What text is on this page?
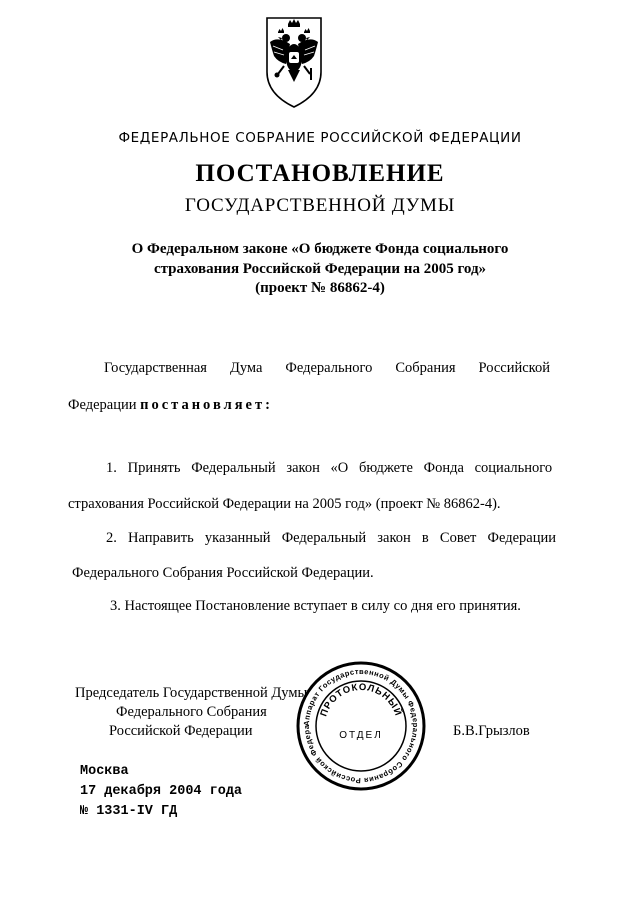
ФЕДЕРАЛЬНОЕ СОБРАНИЕ РОССИЙСКОЙ ФЕДЕРАЦИИ
ПОСТАНОВЛЕНИЕ
ГОСУДАРСТВЕННОЙ ДУМЫ
О Федеральном законе «О бюджете Фонда социального
страхования Российской Федерации на 2005 год»
(проект № 86862-4)
Государственная Дума Федерального Собрания Российской
Федерации постановляет:
1. Принять Федеральный закон «О бюджете Фонда социального
страхования Российской Федерации на 2005 год» (проект № 86862-4).
2. Направить указанный Федеральный закон в Совет Федерации
Федерального Собрания Российской Федерации.
3. Настоящее Постановление вступает в силу со дня его принятия.
Председатель Государственной Думы
Федерального Собрания
Российской Федерации	Б.В.Грызлов
Аппарат Государственной Думы Федерального Собрания Российской Федера
ПРОТОКОЛЬНЫЙ
ОТДЕЛ
Москва
17 декабря 2004 года
№ 1331-IV ГД
